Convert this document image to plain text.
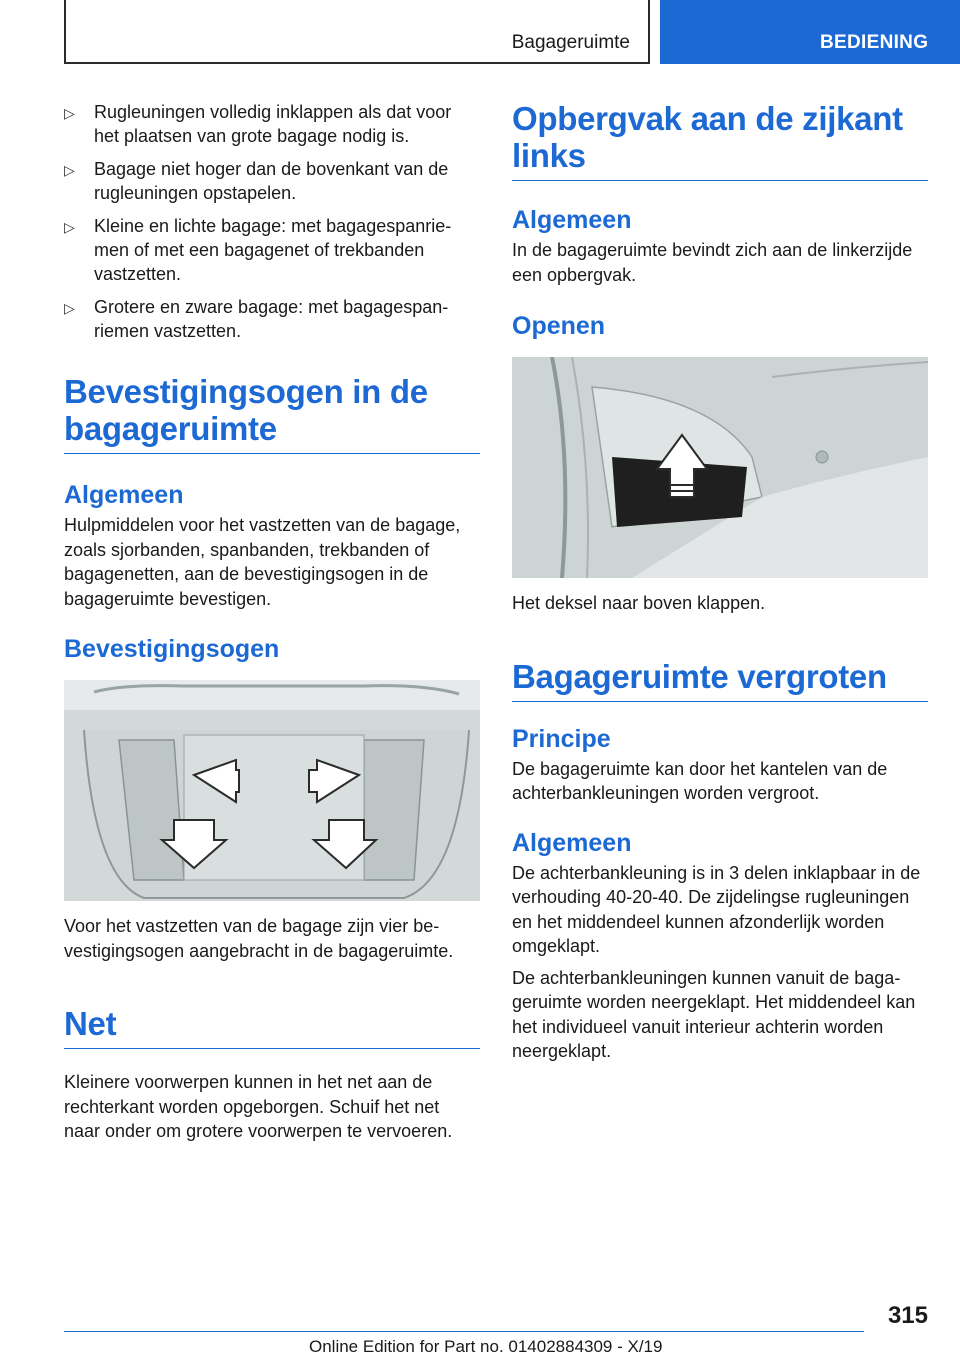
Bagageruimte	BEDIENING
▷ Rugleuningen volledig inklappen als dat voor het plaatsen van grote bagage nodig is.
▷ Bagage niet hoger dan de bovenkant van de rugleuningen opstapelen.
▷ Kleine en lichte bagage: met bagagespanriemen of met een bagagenet of trekbanden vastzetten.
▷ Grotere en zware bagage: met bagagespanriemen vastzetten.
Bevestigingsogen in de bagageruimte
Algemeen

Hulpmiddelen voor het vastzetten van de bagage, zoals sjorbanden, spanbanden, trekbanden of bagagenetten, aan de bevestigingsogen in de bagageruimte bevestigen.

Bevestigingsogen

Voor het vastzetten van de bagage zijn vier bevestigingsogen aangebracht in de bagageruimte.

Net

Kleinere voorwerpen kunnen in het net aan de rechterkant worden opgeborgen. Schuif het net naar onder om grotere voorwerpen te vervoeren.

Opbergvak aan de zijkant links
Algemeen

In de bagageruimte bevindt zich aan de linkerzijde een opbergvak.

Openen

Het deksel naar boven klappen.

Bagageruimte vergroten
Principe

De bagageruimte kan door het kantelen van de achterbankleuningen worden vergroot.

Algemeen

De achterbankleuning is in 3 delen inklapbaar in de verhouding 40-20-40. De zijdelingse rugleuningen en het middendeel kunnen afzonderlijk worden omgeklapt.

De achterbankleuningen kunnen vanuit de bagageruimte worden neergeklapt. Het middendeel kan het individueel vanuit interieur achterin worden neergeklapt.

315
Online Edition for Part no. 01402884309 - X/19
